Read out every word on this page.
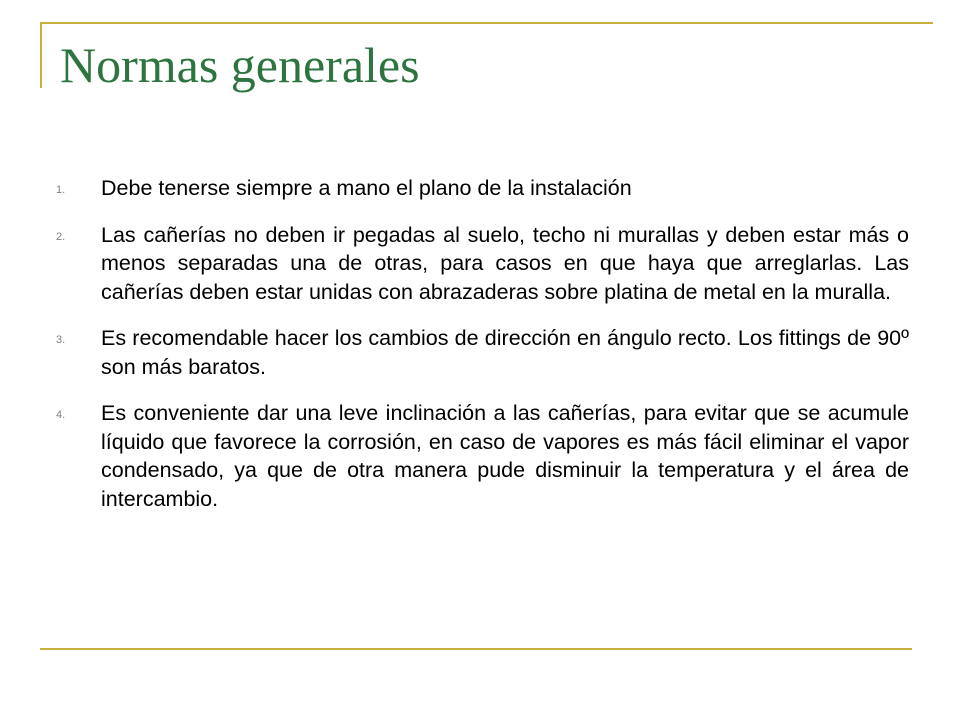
Normas generales
1.	Debe tenerse siempre a mano el plano de la instalación
2.	Las cañerías no deben ir pegadas al suelo, techo ni murallas y deben estar más o menos separadas una de otras, para casos en que haya que arreglarlas. Las cañerías deben estar unidas con abrazaderas sobre platina de metal en la muralla.
3.	Es recomendable hacer los cambios de dirección en ángulo recto. Los fittings de 90º son más baratos.
4.	Es conveniente dar una leve inclinación a las cañerías, para evitar que se acumule líquido que favorece la corrosión, en caso de vapores es más fácil eliminar el vapor condensado, ya que de otra manera pude disminuir la temperatura y el área de intercambio.
